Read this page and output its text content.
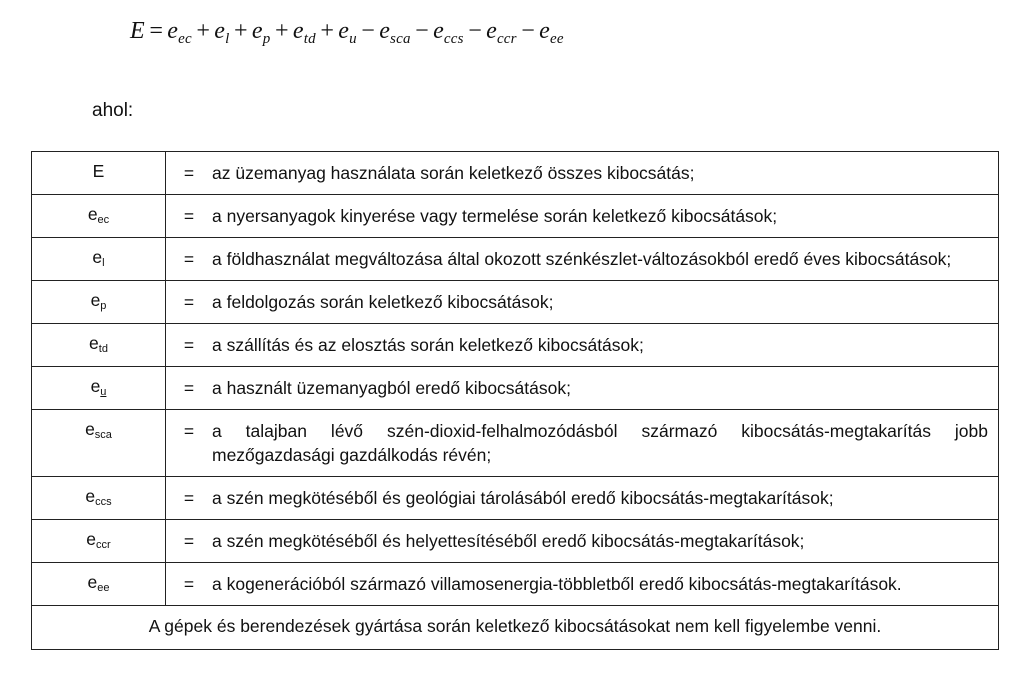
$E = e_{ec} + e_l + e_p + e_{td} + e_u - e_{sca} - e_{ccs} - e_{ccr} - e_{ee}$
ahol:
E	= az üzemanyag használata során keletkező összes kibocsátás;

$e_{ec}$	= a nyersanyagok kinyerése vagy termelése során keletkező kibocsátások;

$e_l$	= a földhasználat megváltozása által okozott szénkészlet-változásokból eredő éves kibocsátások;

$e_p$	= a feldolgozás során keletkező kibocsátások;

$e_{td}$	= a szállítás és az elosztás során keletkező kibocsátások;

$e_u$	= a használt üzemanyagból eredő kibocsátások;

$e_{sca}$	= a talajban lévő szén-dioxid-felhalmozódásból származó kibocsátás-megtakarítás jobb mezőgazdasági gazdálkodás révén;

$e_{ccs}$	= a szén megkötéséből és geológiai tárolásából eredő kibocsátás-megtakarítások;

$e_{ccr}$	= a szén megkötéséből és helyettesítéséből eredő kibocsátás-megtakarítások;

$e_{ee}$	= a kogenerációból származó villamosenergia-többletből eredő kibocsátás-megtakarítások.

A gépek és berendezések gyártása során keletkező kibocsátásokat nem kell figyelembe venni.	
